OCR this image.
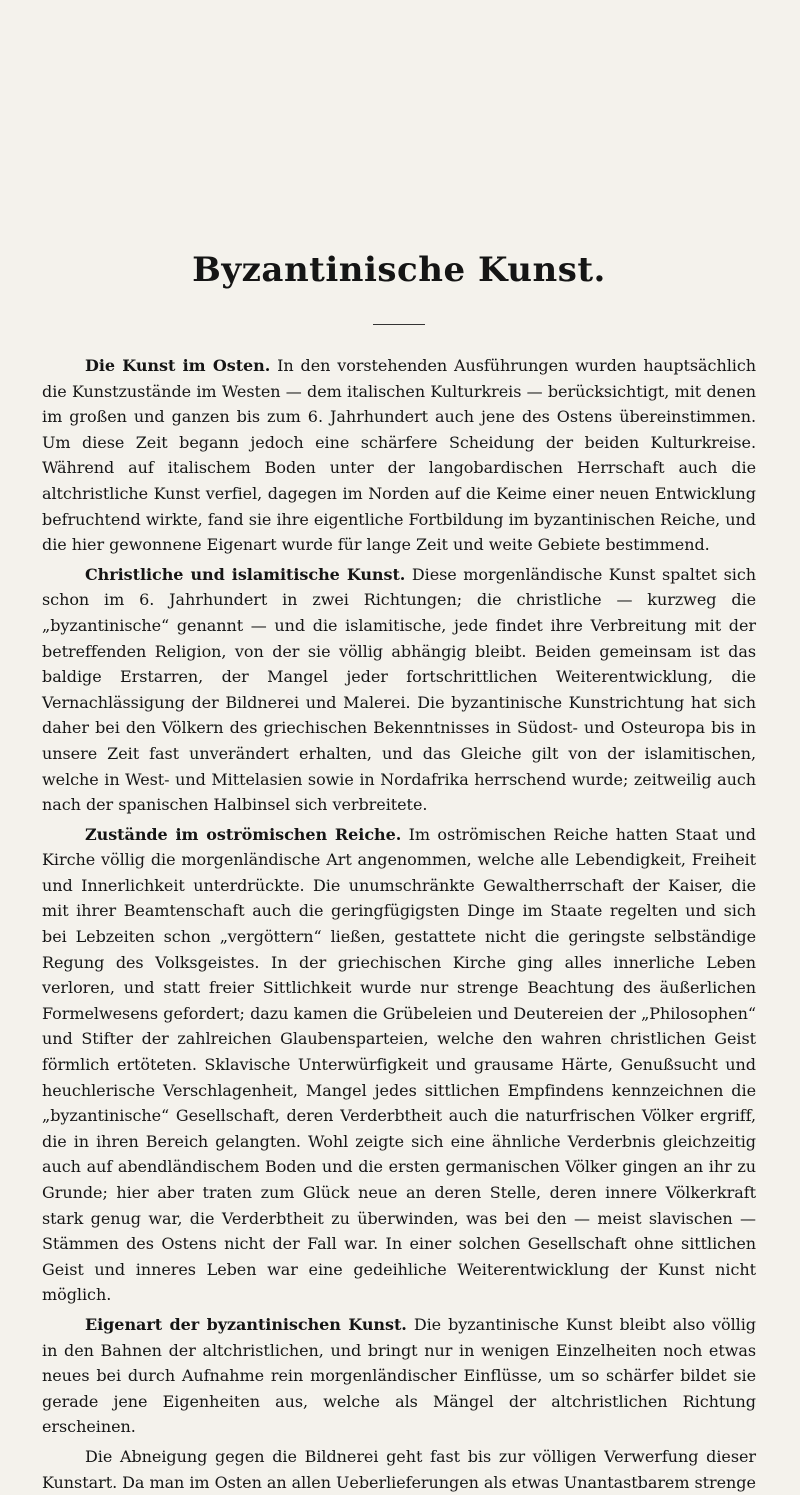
Byzantinische Kunst.

Die Kunst im Osten. In den vorstehenden Ausführungen wurden hauptsächlich die Kunstzustände im Westen — dem italischen Kulturkreis — berücksichtigt, mit denen im großen und ganzen bis zum 6. Jahrhundert auch jene des Ostens übereinstimmen. Um diese Zeit begann jedoch eine schärfere Scheidung der beiden Kulturkreise. Während auf italischem Boden unter der langobardischen Herrschaft auch die altchristliche Kunst verfiel, dagegen im Norden auf die Keime einer neuen Entwicklung befruchtend wirkte, fand sie ihre eigentliche Fortbildung im byzantinischen Reiche, und die hier gewonnene Eigenart wurde für lange Zeit und weite Gebiete bestimmend.

Christliche und islamitische Kunst. Diese morgenländische Kunst spaltet sich schon im 6. Jahrhundert in zwei Richtungen; die christliche — kurzweg die „byzantinische“ genannt — und die islamitische, jede findet ihre Verbreitung mit der betreffenden Religion, von der sie völlig abhängig bleibt. Beiden gemeinsam ist das baldige Erstarren, der Mangel jeder fortschrittlichen Weiterentwicklung, die Vernachlässigung der Bildnerei und Malerei. Die byzantinische Kunstrichtung hat sich daher bei den Völkern des griechischen Bekenntnisses in Südost- und Osteuropa bis in unsere Zeit fast unverändert erhalten, und das Gleiche gilt von der islamitischen, welche in West- und Mittelasien sowie in Nordafrika herrschend wurde; zeitweilig auch nach der spanischen Halbinsel sich verbreitete.

Zustände im oströmischen Reiche. Im oströmischen Reiche hatten Staat und Kirche völlig die morgenländische Art angenommen, welche alle Lebendigkeit, Freiheit und Innerlichkeit unterdrückte. Die unumschränkte Gewaltherrschaft der Kaiser, die mit ihrer Beamtenschaft auch die geringfügigsten Dinge im Staate regelten und sich bei Lebzeiten schon „vergöttern“ ließen, gestattete nicht die geringste selbständige Regung des Volksgeistes. In der griechischen Kirche ging alles innerliche Leben verloren, und statt freier Sittlichkeit wurde nur strenge Beachtung des äußerlichen Formelwesens gefordert; dazu kamen die Grübeleien und Deutereien der „Philosophen“ und Stifter der zahlreichen Glaubensparteien, welche den wahren christlichen Geist förmlich ertöteten. Sklavische Unterwürfigkeit und grausame Härte, Genußsucht und heuchlerische Verschlagenheit, Mangel jedes sittlichen Empfindens kennzeichnen die „byzantinische“ Gesellschaft, deren Verderbtheit auch die naturfrischen Völker ergriff, die in ihren Bereich gelangten. Wohl zeigte sich eine ähnliche Verderbnis gleichzeitig auch auf abendländischem Boden und die ersten germanischen Völker gingen an ihr zu Grunde; hier aber traten zum Glück neue an deren Stelle, deren innere Völkerkraft stark genug war, die Verderbtheit zu überwinden, was bei den — meist slavischen — Stämmen des Ostens nicht der Fall war. In einer solchen Gesellschaft ohne sittlichen Geist und inneres Leben war eine gedeihliche Weiterentwicklung der Kunst nicht möglich.

Eigenart der byzantinischen Kunst. Die byzantinische Kunst bleibt also völlig in den Bahnen der altchristlichen, und bringt nur in wenigen Einzelheiten noch etwas neues bei durch Aufnahme rein morgenländischer Einflüsse, um so schärfer bildet sie gerade jene Eigenheiten aus, welche als Mängel der altchristlichen Richtung erscheinen.

Die Abneigung gegen die Bildnerei geht fast bis zur völligen Verwerfung dieser Kunstart. Da man im Osten an allen Ueberlieferungen als etwas Unantastbarem strenge
